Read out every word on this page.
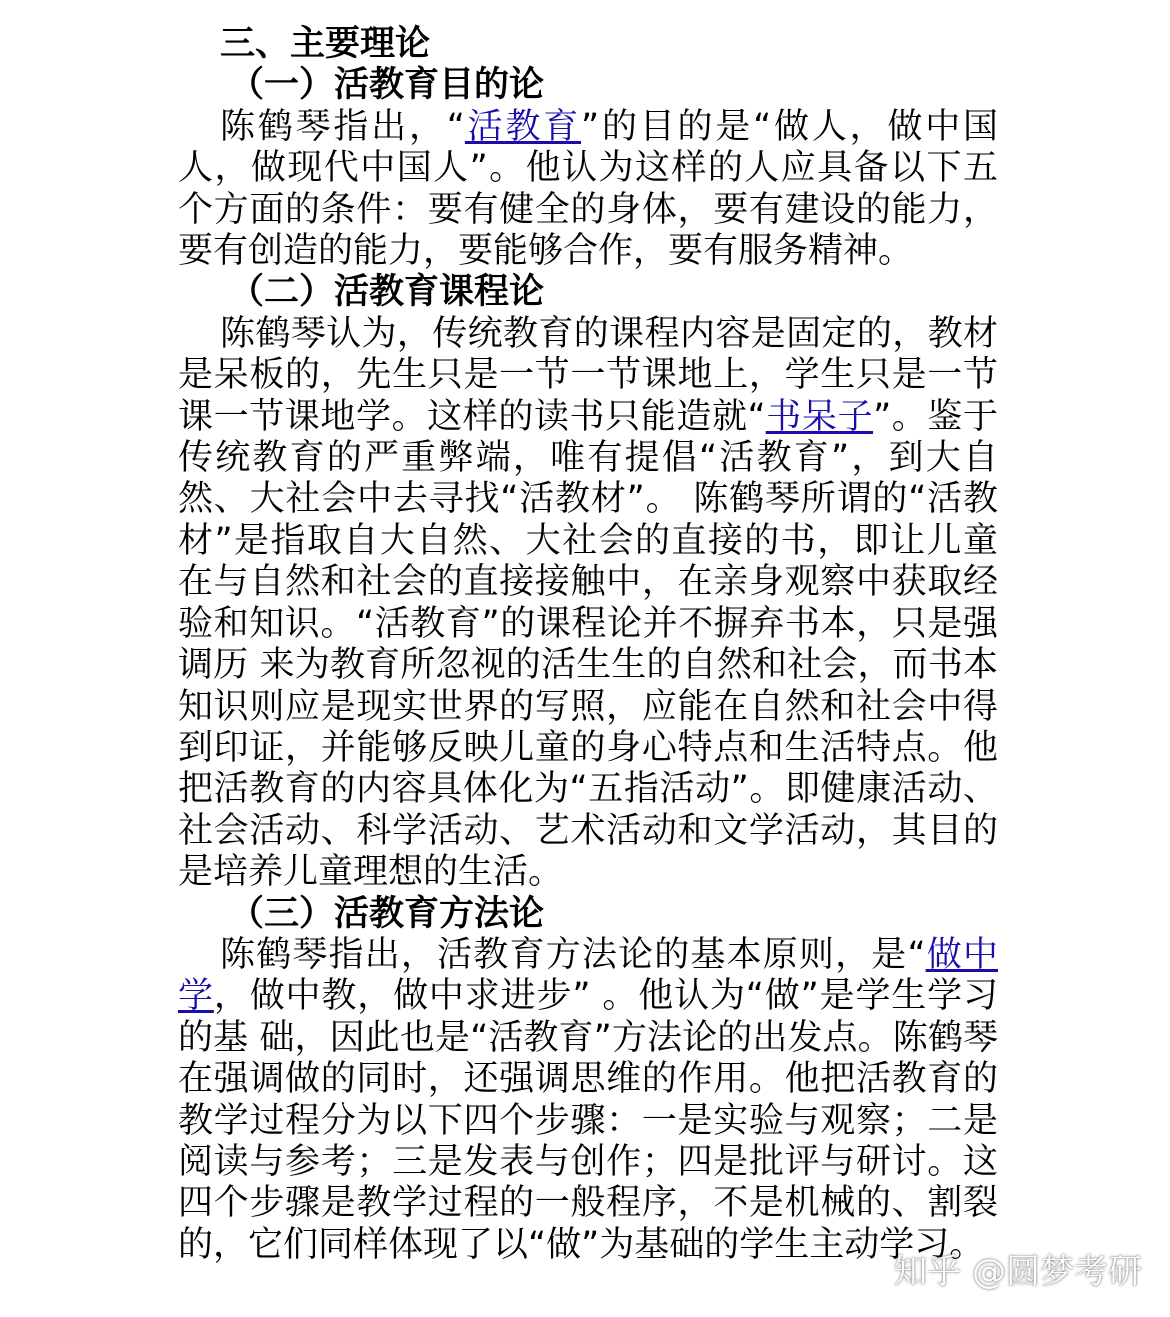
三、主要理论

（一）活教育目的论

陈鹤琴指出，“活教育”的目的是“做人，做中国人，做现代中国人”。他认为这样的人应具备以下五个方面的条件：要有健全的身体，要有建设的能力，要有创造的能力，要能够合作，要有服务精神。

（二）活教育课程论

陈鹤琴认为，传统教育的课程内容是固定的，教材是呆板的，先生只是一节一节课地上，学生只是一节课一节课地学。这样的读书只能造就“书呆子”。鉴于传统教育的严重弊端，唯有提倡“活教育”，到大自然、大社会中去寻找“活教材”。 陈鹤琴所谓的“活教材”是指取自大自然、大社会的直接的书，即让儿童在与自然和社会的直接接触中，在亲身观察中获取经验和知识。“活教育”的课程论并不摒弃书本，只是强调历 来为教育所忽视的活生生的自然和社会，而书本知识则应是现实世界的写照，应能在自然和社会中得到印证，并能够反映儿童的身心特点和生活特点。他把活教育的内容具体化为“五指活动”。即健康活动、社会活动、科学活动、艺术活动和文学活动，其目的是培养儿童理想的生活。

（三）活教育方法论

陈鹤琴指出，活教育方法论的基本原则，是“做中学，做中教，做中求进步” 。他认为“做”是学生学习的基 础，因此也是“活教育”方法论的出发点。陈鹤琴在强调做的同时，还强调思维的作用。他把活教育的教学过程分为以下四个步骤：一是实验与观察；二是阅读与参考；三是发表与创作；四是批评与研讨。这四个步骤是教学过程的一般程序，不是机械的、割裂的，它们同样体现了以“做”为基础的学生主动学习。

知乎 @圆梦考研
